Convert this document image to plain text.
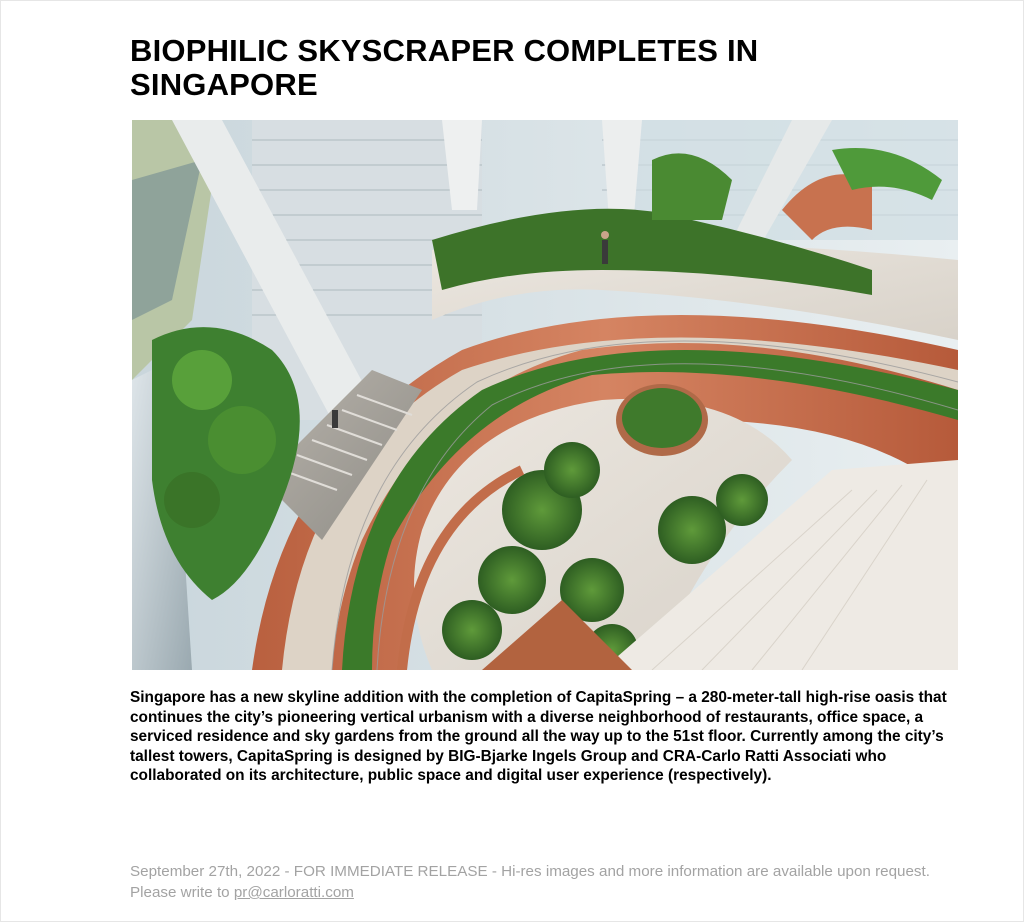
BIOPHILIC SKYSCRAPER COMPLETES IN SINGAPORE

Singapore has a new skyline addition with the completion of CapitaSpring – a 280-meter-tall high-rise oasis that continues the city’s pioneering vertical urbanism with a diverse neighborhood of restaurants, office space, a serviced residence and sky gardens from the ground all the way up to the 51st floor. Currently among the city’s tallest towers, CapitaSpring is designed by BIG-Bjarke Ingels Group and CRA-Carlo Ratti Associati who collaborated on its architecture, public space and digital user experience (respectively).

September 27th, 2022 - FOR IMMEDIATE RELEASE - Hi-res images and more information are available upon request. Please write to pr@carloratti.com
